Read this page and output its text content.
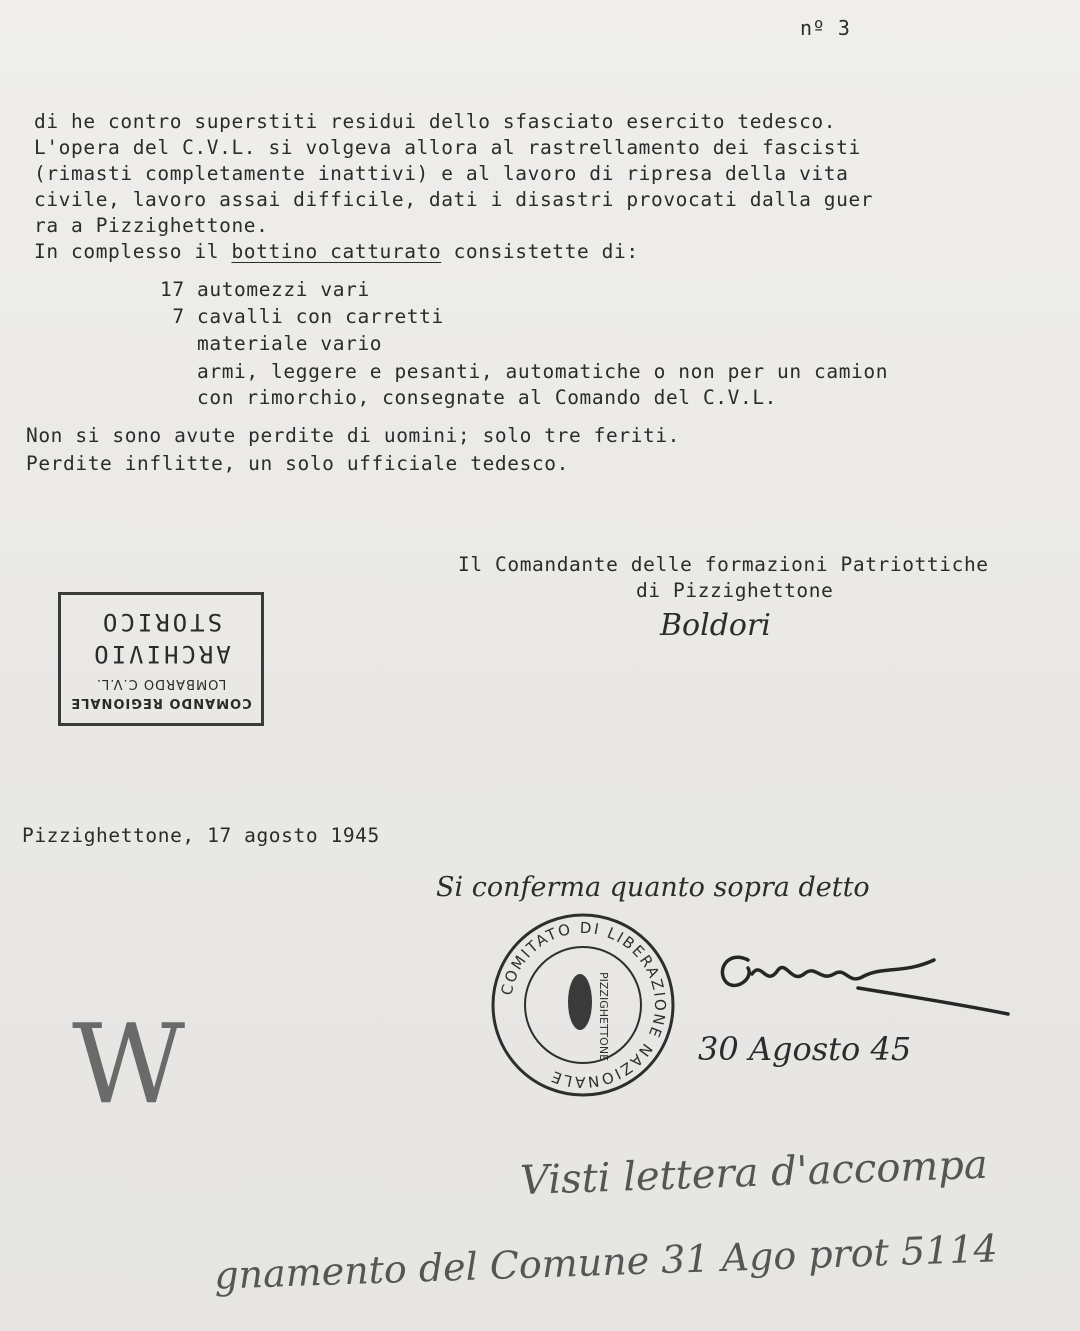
nº 3
di he contro superstiti residui dello sfasciato esercito tedesco.
L'opera del C.V.L. si volgeva allora al rastrellamento dei fascisti
(rimasti completamente inattivi) e al lavoro di ripresa della vita
civile, lavoro assai difficile, dati i disastri provocati dalla guer
ra a Pizzighettone.
In complesso il bottino catturato consistette di:
17 automezzi vari
7 cavalli con carretti
materiale vario
armi, leggere e pesanti, automatiche o non per un camion
con rimorchio, consegnate al Comando del C.V.L.
Non si sono avute perdite di uomini; solo tre feriti.
Perdite inflitte, un solo ufficiale tedesco.
Il Comandante delle formazioni Patriottiche
di Pizzighettone
Boldori
COMANDO REGIONALE
LOMBARDO C.V.L.
ARCHIVIO
STORICO
Pizzighettone, 17 agosto 1945
Si conferma quanto sopra detto
COMITATO DI LIBERAZIONE NAZIONALE
PIZZIGHETTONE	30 Agosto 45
Visti lettera d'accompa
gnamento del Comune 31 Ago prot 5114
W
